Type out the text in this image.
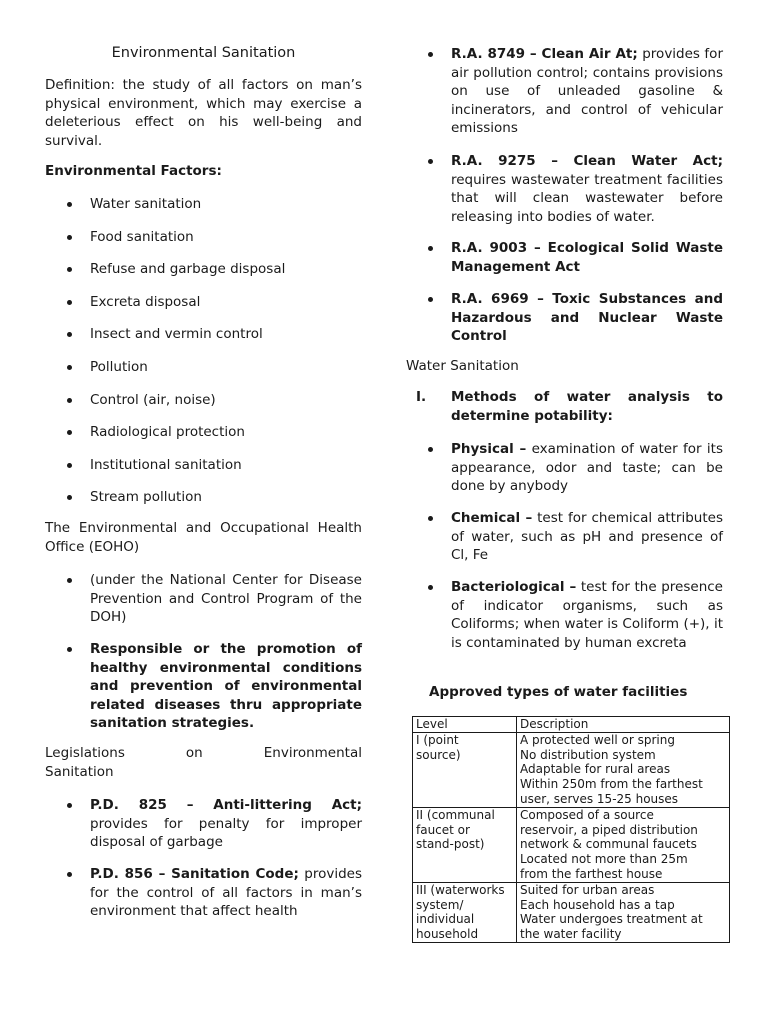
Environmental Sanitation

Definition: the study of all factors on man’s physical environment, which may exercise a deleterious effect on his well-being and survival.

Environmental Factors:

Water sanitation

Food sanitation

Refuse and garbage disposal

Excreta disposal

Insect and vermin control

Pollution

Control (air, noise)

Radiological protection

Institutional sanitation

Stream pollution

The Environmental and Occupational Health Office (EOHO)

(under the National Center for Disease Prevention and Control Program of the DOH)

Responsible or the promotion of healthy environmental conditions and prevention of environmental related diseases thru appropriate sanitation strategies.

Legislations	on	Environmental

Sanitation

P.D. 825 – Anti-littering Act; provides for penalty for improper disposal of garbage

P.D. 856 – Sanitation Code; provides for the control of all factors in man’s environment that affect health

R.A. 8749 – Clean Air At; provides for air pollution control; contains provisions on use of unleaded gasoline & incinerators, and control of vehicular emissions

R.A. 9275 – Clean Water Act; requires wastewater treatment facilities that will clean wastewater before releasing into bodies of water.

R.A. 9003 – Ecological Solid Waste Management Act

R.A. 6969 – Toxic Substances and Hazardous and Nuclear Waste Control

Water Sanitation

I. Methods of water analysis to determine potability:

Physical – examination of water for its appearance, odor and taste; can be done by anybody

Chemical – test for chemical attributes of water, such as pH and presence of Cl, Fe

Bacteriological – test for the presence of indicator organisms, such as Coliforms; when water is Coliform (+), it is contaminated by human excreta

Approved types of water facilities

Level	Description

I (point
source)	A protected well or spring
No distribution system
Adaptable for rural areas
Within 250m from the farthest
user, serves 15-25 houses

II (communal
faucet or
stand-post)	Composed of a source
reservoir, a piped distribution
network & communal faucets
Located not more than 25m
from the farthest house

III (waterworks
system/
individual
household	Suited for urban areas
Each household has a tap
Water undergoes treatment at
the water facility
